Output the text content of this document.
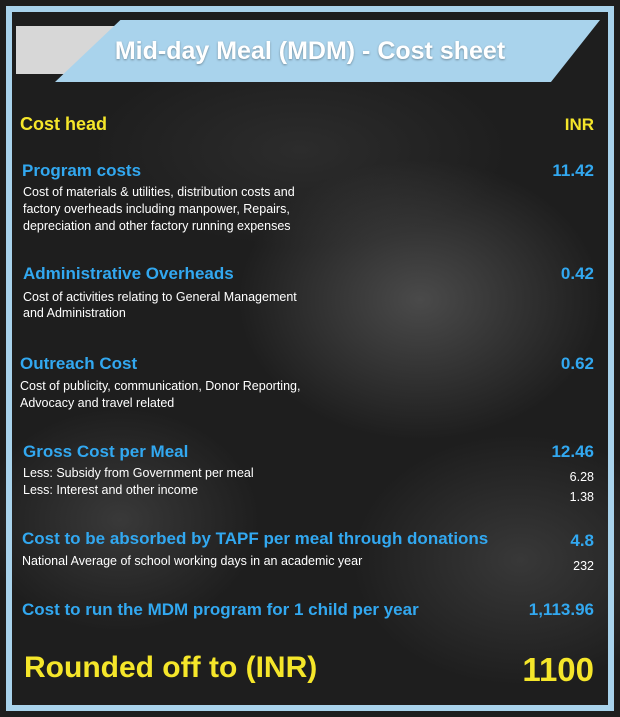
Mid-day Meal (MDM) - Cost sheet
Cost head	INR
Program costs	11.42
Cost of materials & utilities, distribution costs and
factory overheads including manpower, Repairs,
depreciation and other factory running expenses
Administrative Overheads	0.42
Cost of activities relating to General Management
and Administration
Outreach Cost	0.62
Cost of publicity, communication, Donor Reporting,
Advocacy and travel related
Gross Cost per Meal	12.46
Less: Subsidy from Government per meal	6.28
Less: Interest and other income	1.38
Cost to be absorbed by TAPF per meal through donations	4.8
National Average of school working days in an academic year	232
Cost to run the MDM program for 1 child per year	1,113.96
Rounded off to (INR)	1100
